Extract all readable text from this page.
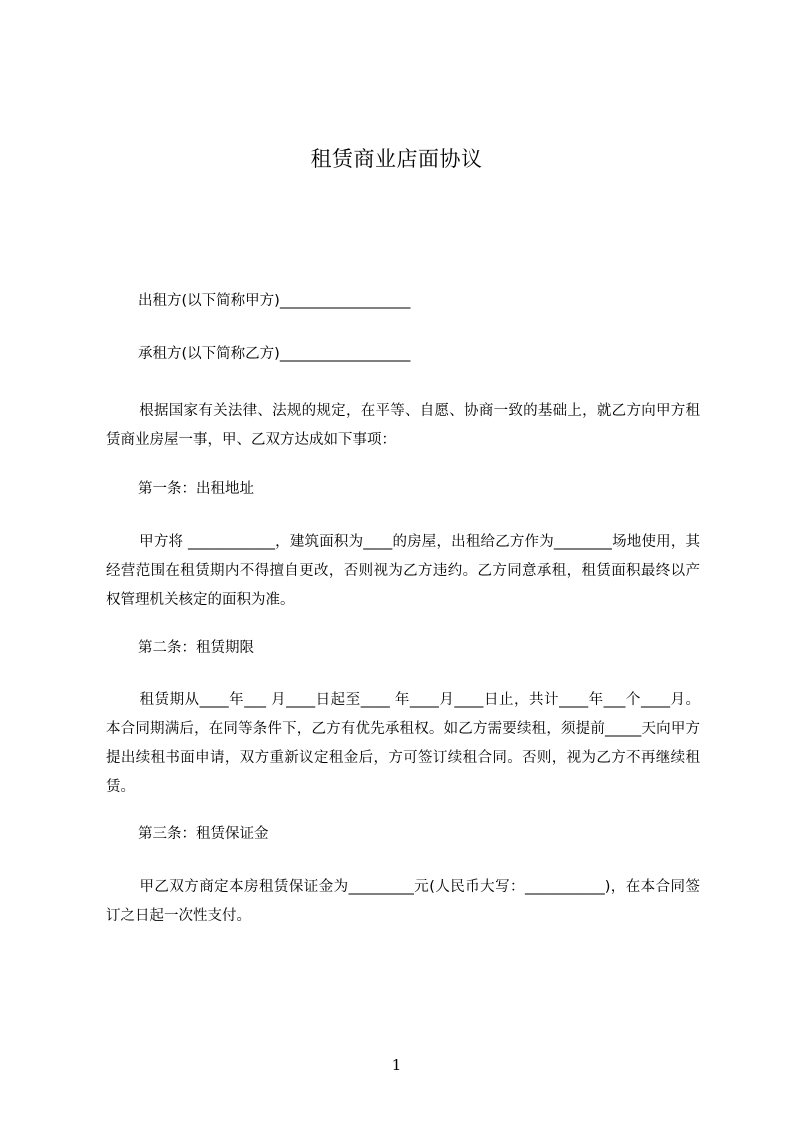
租赁商业店面协议
出租方(以下简称甲方)__________________
承租方(以下简称乙方)__________________
根据国家有关法律、法规的规定，在平等、自愿、协商一致的基础上，就乙方向甲方租赁商业房屋一事，甲、乙双方达成如下事项：
第一条：出租地址
甲方将 ____________，建筑面积为____的房屋，出租给乙方作为________场地使用，其经营范围在租赁期内不得擅自更改，否则视为乙方违约。乙方同意承租，租赁面积最终以产权管理机关核定的面积为准。
第二条：租赁期限
租赁期从____年___ 月____日起至____ 年____月____日止，共计____年___个____月。 本合同期满后，在同等条件下，乙方有优先承租权。如乙方需要续租，须提前_____天向甲方提出续租书面申请，双方重新议定租金后，方可签订续租合同。否则，视为乙方不再继续租赁。
第三条：租赁保证金
甲乙双方商定本房租赁保证金为_________元(人民币大写：___________)，在本合同签订之日起一次性支付。
1
